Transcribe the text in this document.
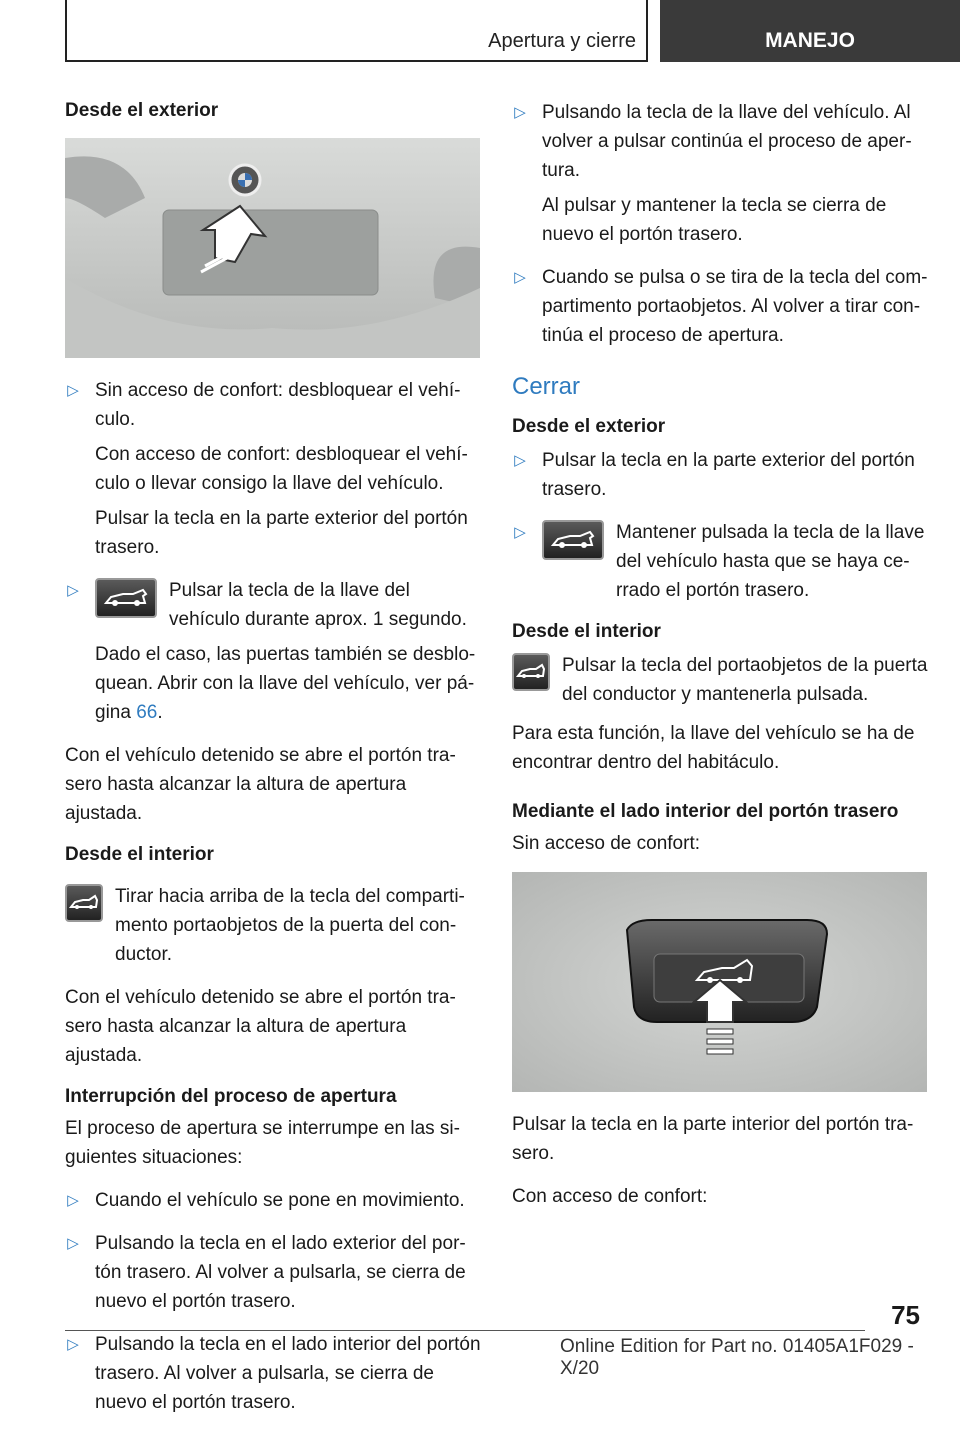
Apertura y cierre	MANEJO
Desde el exterior
▷ Sin acceso de confort: desbloquear el vehí-culo.

Con acceso de confort: desbloquear el vehí-culo o llevar consigo la llave del vehículo.

Pulsar la tecla en la parte exterior del portón trasero.

▷	Pulsar la tecla de la llave del vehículo durante aprox. 1 segundo.

Dado el caso, las puertas también se desblo-quean. Abrir con la llave del vehículo, ver pá-gina 66.

Con el vehículo detenido se abre el portón tra-sero hasta alcanzar la altura de apertura ajustada.

Desde el interior
Tirar hacia arriba de la tecla del comparti-mento portaobjetos de la puerta del con-ductor.

Con el vehículo detenido se abre el portón tra-sero hasta alcanzar la altura de apertura ajustada.

Interrupción del proceso de apertura

El proceso de apertura se interrumpe en las si-guientes situaciones:

▷ Cuando el vehículo se pone en movimiento.
▷ Pulsando la tecla en el lado exterior del por-tón trasero. Al volver a pulsarla, se cierra de nuevo el portón trasero.
▷ Pulsando la tecla en el lado interior del portón trasero. Al volver a pulsarla, se cierra de nuevo el portón trasero.
▷ Pulsando la tecla de la llave del vehículo. Al volver a pulsar continúa el proceso de aper-tura.

Al pulsar y mantener la tecla se cierra de nuevo el portón trasero.

▷ Cuando se pulsa o se tira de la tecla del com-partimento portaobjetos. Al volver a tirar con-tinúa el proceso de apertura.
Cerrar
Desde el exterior
▷ Pulsar la tecla en la parte exterior del portón trasero.
▷	Mantener pulsada la tecla de la llave del vehículo hasta que se haya ce-rrado el portón trasero.
Desde el interior
Pulsar la tecla del portaobjetos de la puerta del conductor y mantenerla pulsada.

Para esta función, la llave del vehículo se ha de encontrar dentro del habitáculo.

Mediante el lado interior del portón trasero

Sin acceso de confort:

Pulsar la tecla en la parte interior del portón tra-sero.

Con acceso de confort:

75
Online Edition for Part no. 01405A1F029 - X/20
